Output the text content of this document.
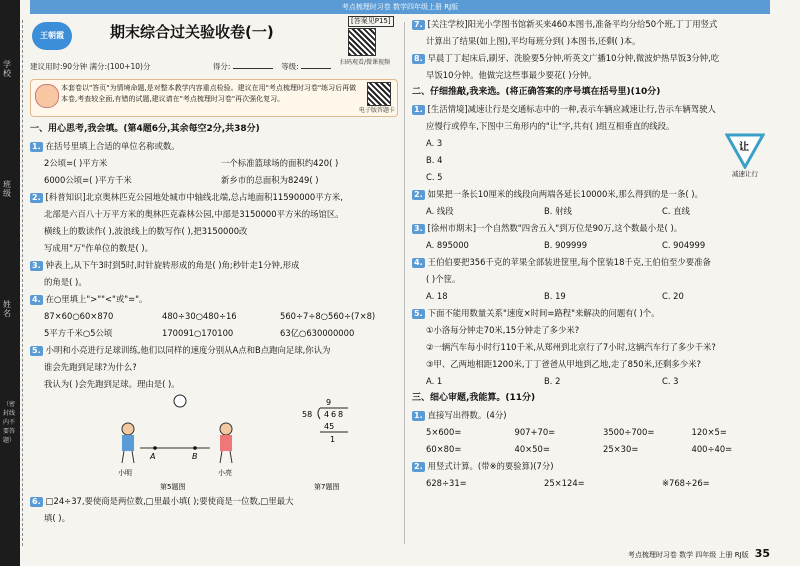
学校
班级
姓名
（密封线内不要答题）
考点梳理时习卷 数学四年级上册 RJ版
王朝霞	期末综合过关验收卷(一)
[答案见P15]
扫码观看/微课视频
建议用时:90分钟 满分:(100+10)分	得分:	等级:
本套卷以"答页"为情境命题,是对整本教学内容重点检验。建议在用"考点梳理时习卷"练习后再做本卷,考查较全面,有错的试题,建议请在"考点梳理时习卷"再次强化复习。
电子版答题卡
一、用心思考,我会填。(第4题6分,其余每空2分,共38分)
1. 在括号里填上合适的单位名称或数。
2公顷=( )平方米	一个标准篮球场的面积约420( )
6000公顷=( )平方千米	新乡市的总面积为8249( )
2. [科普知识]北京奥林匹克公园地处城市中轴线北端,总占地面积11590000平方米,
北部是六百八十万平方米的奥林匹克森林公园,中部是3150000平方米的场馆区。
横线上的数读作( ),波浪线上的数写作( ),把3150000改
写成用"万"作单位的数是( )。
3. 钟表上,从下午3时到5时,时针旋转形成的角是( )角;秒针走1分钟,形成
的角是( )。
4. 在○里填上">""<"或"="。
87×60○60×870	480÷30○480÷16	560÷7÷8○560÷(7×8)
5平方千米○5公顷	170091○170100	63亿○630000000
5. 小明和小亮进行足球训练,他们以同样的速度分别从A点和B点跑向足球,你认为
谁会先跑到足球?为什么?
我认为( )会先跑到足球。理由是( )。
A	B
小明	小亮
第5题图
9
58 4 6 8
45
1
第7题图
6. □24÷37,要使商是两位数,□里最小填( );要使商是一位数,□里最大
填( )。
7. [关注学校]阳光小学图书馆新买来460本图书,准备平均分给50个班,丁丁用竖式
计算出了结果(如上图),平均每班分到( )本图书,还剩( )本。
8. 早晨丁丁起床后,刷牙、洗脸要5分钟,听英文广播10分钟,微波炉热早饭3分钟,吃
早饭10分钟。他做完这些事最少要花( )分钟。
二、仔细推敲,我来选。(将正确答案的序号填在括号里)(10分)
1. [生活情境]减速让行是交通标志中的一种,表示车辆应减速让行,告示车辆驾驶人
应慢行或停车,下图中三角形内的"让"字,共有( )组互相垂直的线段。
A. 3
B. 4
C. 5
让
减速让行
2. 如果把一条长10厘米的线段向两端各延长10000米,那么得到的是一条( )。
A. 线段	B. 射线	C. 直线
3. [徐州市期末]一个自然数"四舍五入"到万位是90万,这个数最小是( )。
A. 895000	B. 909999	C. 904999
4. 王伯伯要把356千克的苹果全部装进筐里,每个筐装18千克,王伯伯至少要准备
( )个筐。
A. 18	B. 19	C. 20
5. 下面不能用数量关系"速度×时间=路程"来解决的问题有( )个。
①小洛每分钟走70米,15分钟走了多少米?
②一辆汽车每小时行110千米,从郑州到北京行了7小时,这辆汽车行了多少千米?
③甲、乙两地相距1200米,丁丁爸爸从甲地到乙地,走了850米,还剩多少米?
A. 1	B. 2	C. 3
三、细心审题,我能算。(11分)
1. 直接写出得数。(4分)
5×600=	907+70=	3500÷700=	120×5=
60×80=	40×50=	25×30=	400÷40=
2. 用竖式计算。(带※的要验算)(7分)
628÷31=	25×124=	※768÷26=
考点梳理时习卷 数学 四年级 上册 RJ版 35
